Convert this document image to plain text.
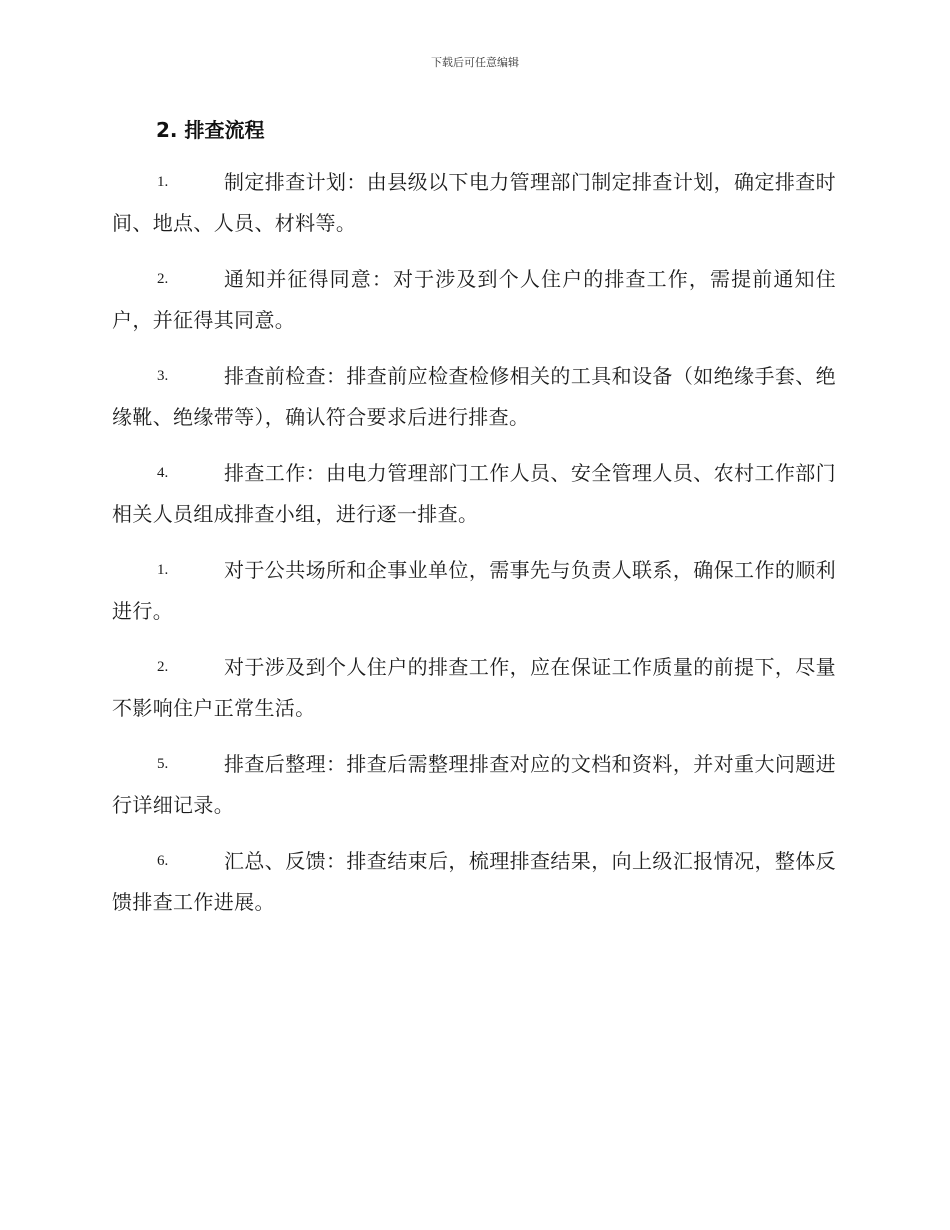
下载后可任意编辑
2. 排查流程
1.	制定排查计划：由县级以下电力管理部门制定排查计划，确定排查时间、地点、人员、材料等。
2.	通知并征得同意：对于涉及到个人住户的排查工作，需提前通知住户，并征得其同意。
3.	排查前检查：排查前应检查检修相关的工具和设备（如绝缘手套、绝缘靴、绝缘带等），确认符合要求后进行排查。
4.	排查工作：由电力管理部门工作人员、安全管理人员、农村工作部门相关人员组成排查小组，进行逐一排查。
1.	对于公共场所和企事业单位，需事先与负责人联系，确保工作的顺利进行。
2.	对于涉及到个人住户的排查工作，应在保证工作质量的前提下，尽量不影响住户正常生活。
5.	排查后整理：排查后需整理排查对应的文档和资料，并对重大问题进行详细记录。
6.	汇总、反馈：排查结束后，梳理排查结果，向上级汇报情况，整体反馈排查工作进展。
